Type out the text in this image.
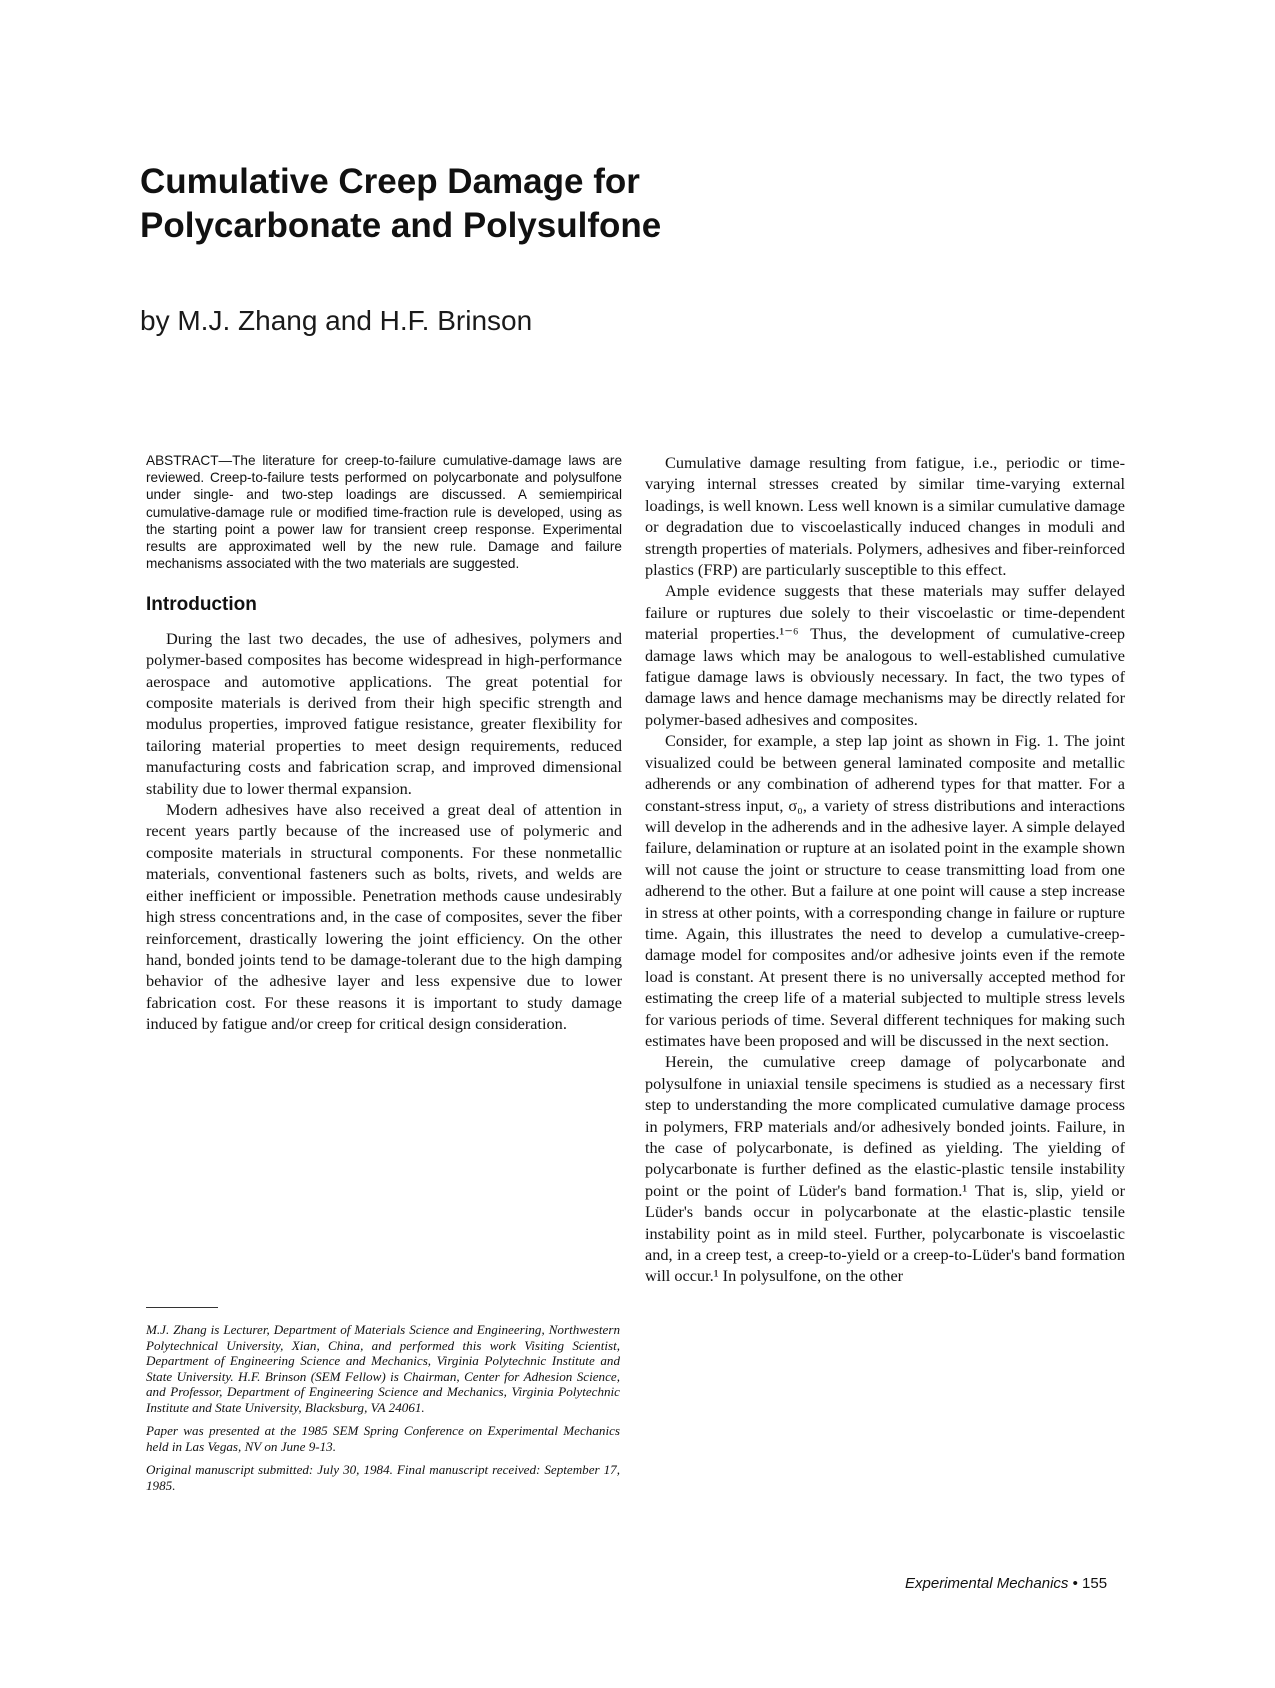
Cumulative Creep Damage for
Polycarbonate and Polysulfone

by M.J. Zhang and H.F. Brinson

ABSTRACT—The literature for creep-to-failure cumulative-damage laws are reviewed. Creep-to-failure tests performed on polycarbonate and polysulfone under single- and two-step loadings are discussed. A semiempirical cumulative-damage rule or modified time-fraction rule is developed, using as the starting point a power law for transient creep response. Experimental results are approximated well by the new rule. Damage and failure mechanisms associated with the two materials are suggested.

Introduction

During the last two decades, the use of adhesives, polymers and polymer-based composites has become widespread in high-performance aerospace and automotive applications. The great potential for composite materials is derived from their high specific strength and modulus properties, improved fatigue resistance, greater flexibility for tailoring material properties to meet design requirements, reduced manufacturing costs and fabrication scrap, and improved dimensional stability due to lower thermal expansion.

Modern adhesives have also received a great deal of attention in recent years partly because of the increased use of polymeric and composite materials in structural components. For these nonmetallic materials, conventional fasteners such as bolts, rivets, and welds are either inefficient or impossible. Penetration methods cause undesirably high stress concentrations and, in the case of composites, sever the fiber reinforcement, drastically lowering the joint efficiency. On the other hand, bonded joints tend to be damage-tolerant due to the high damping behavior of the adhesive layer and less expensive due to lower fabrication cost. For these reasons it is important to study damage induced by fatigue and/or creep for critical design consideration.

Cumulative damage resulting from fatigue, i.e., periodic or time-varying internal stresses created by similar time-varying external loadings, is well known. Less well known is a similar cumulative damage or degradation due to viscoelastically induced changes in moduli and strength properties of materials. Polymers, adhesives and fiber-reinforced plastics (FRP) are particularly susceptible to this effect.

Ample evidence suggests that these materials may suffer delayed failure or ruptures due solely to their viscoelastic or time-dependent material properties.¹⁻⁶ Thus, the development of cumulative-creep damage laws which may be analogous to well-established cumulative fatigue damage laws is obviously necessary. In fact, the two types of damage laws and hence damage mechanisms may be directly related for polymer-based adhesives and composites.

Consider, for example, a step lap joint as shown in Fig. 1. The joint visualized could be between general laminated composite and metallic adherends or any combination of adherend types for that matter. For a constant-stress input, σ₀, a variety of stress distributions and interactions will develop in the adherends and in the adhesive layer. A simple delayed failure, delamination or rupture at an isolated point in the example shown will not cause the joint or structure to cease transmitting load from one adherend to the other. But a failure at one point will cause a step increase in stress at other points, with a corresponding change in failure or rupture time. Again, this illustrates the need to develop a cumulative-creep-damage model for composites and/or adhesive joints even if the remote load is constant. At present there is no universally accepted method for estimating the creep life of a material subjected to multiple stress levels for various periods of time. Several different techniques for making such estimates have been proposed and will be discussed in the next section.

Herein, the cumulative creep damage of polycarbonate and polysulfone in uniaxial tensile specimens is studied as a necessary first step to understanding the more complicated cumulative damage process in polymers, FRP materials and/or adhesively bonded joints. Failure, in the case of polycarbonate, is defined as yielding. The yielding of polycarbonate is further defined as the elastic-plastic tensile instability point or the point of Lüder's band formation.¹ That is, slip, yield or Lüder's bands occur in polycarbonate at the elastic-plastic tensile instability point as in mild steel. Further, polycarbonate is viscoelastic and, in a creep test, a creep-to-yield or a creep-to-Lüder's band formation will occur.¹ In polysulfone, on the other

M.J. Zhang is Lecturer, Department of Materials Science and Engineering, Northwestern Polytechnical University, Xian, China, and performed this work Visiting Scientist, Department of Engineering Science and Mechanics, Virginia Polytechnic Institute and State University. H.F. Brinson (SEM Fellow) is Chairman, Center for Adhesion Science, and Professor, Department of Engineering Science and Mechanics, Virginia Polytechnic Institute and State University, Blacksburg, VA 24061.

Paper was presented at the 1985 SEM Spring Conference on Experimental Mechanics held in Las Vegas, NV on June 9-13.

Original manuscript submitted: July 30, 1984. Final manuscript received: September 17, 1985.

Experimental Mechanics • 155
